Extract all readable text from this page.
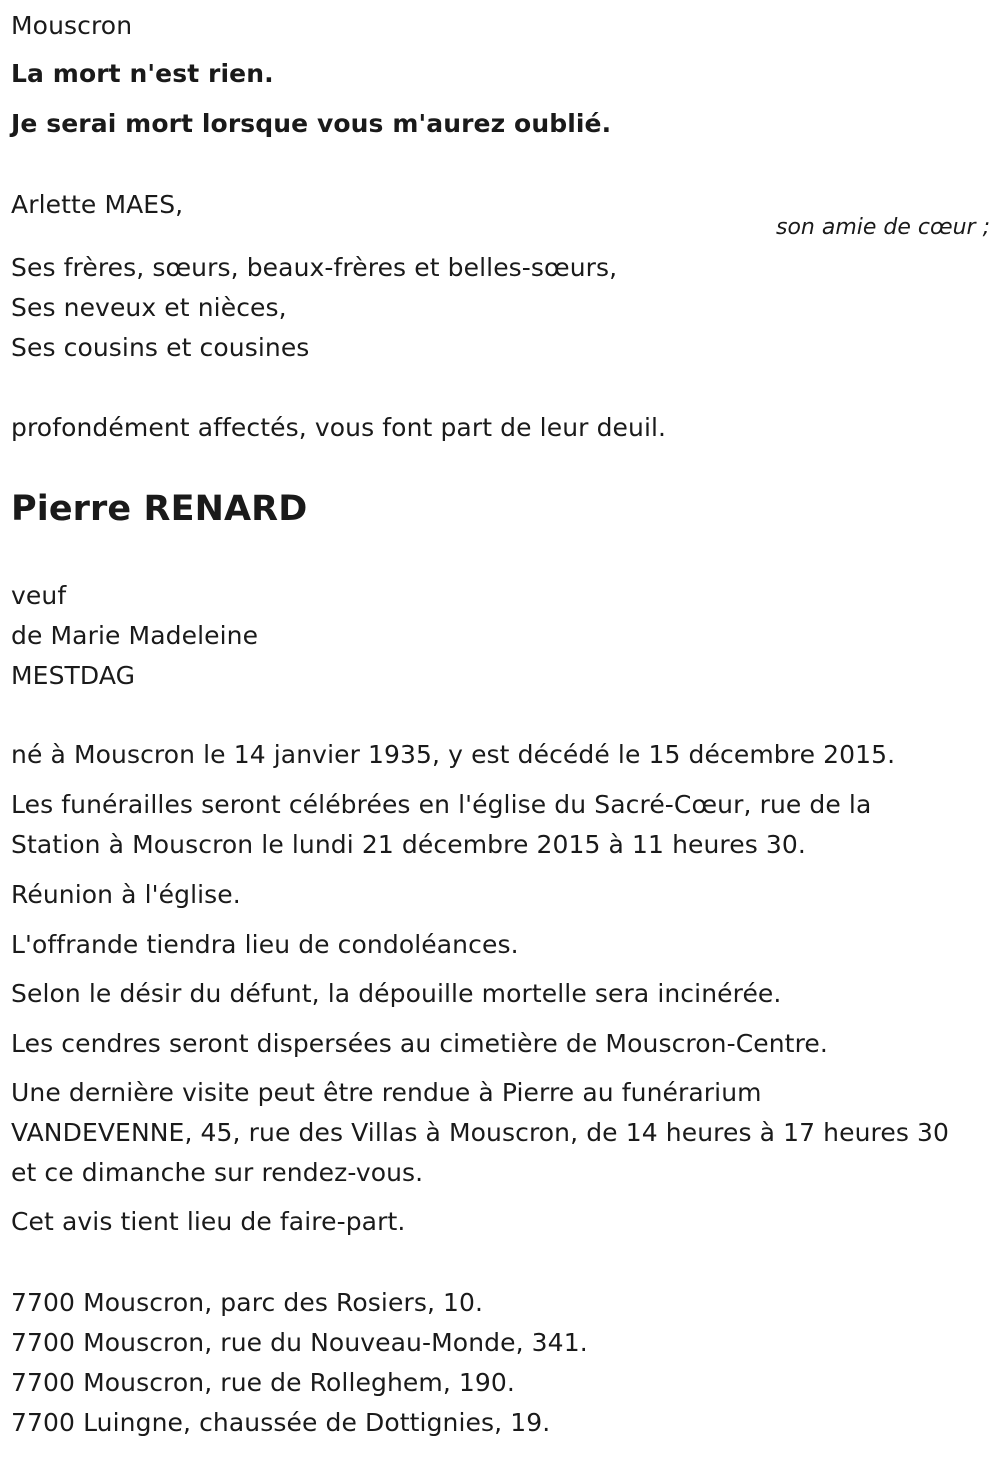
Mouscron
La mort n'est rien.
Je serai mort lorsque vous m'aurez oublié.
Arlette MAES,
son amie de cœur ;
Ses frères, sœurs, beaux-frères et belles-sœurs,
Ses neveux et nièces,
Ses cousins et cousines
profondément affectés, vous font part de leur deuil.
Pierre RENARD
veuf
de Marie Madeleine
MESTDAG
né à Mouscron le 14 janvier 1935, y est décédé le 15 décembre 2015.
Les funérailles seront célébrées en l'église du Sacré-Cœur, rue de la
Station à Mouscron le lundi 21 décembre 2015 à 11 heures 30.
Réunion à l'église.
L'offrande tiendra lieu de condoléances.
Selon le désir du défunt, la dépouille mortelle sera incinérée.
Les cendres seront dispersées au cimetière de Mouscron-Centre.
Une dernière visite peut être rendue à Pierre au funérarium
VANDEVENNE, 45, rue des Villas à Mouscron, de 14 heures à 17 heures 30
et ce dimanche sur rendez-vous.
Cet avis tient lieu de faire-part.
7700 Mouscron, parc des Rosiers, 10.
7700 Mouscron, rue du Nouveau-Monde, 341.
7700 Mouscron, rue de Rolleghem, 190.
7700 Luingne, chaussée de Dottignies, 19.
